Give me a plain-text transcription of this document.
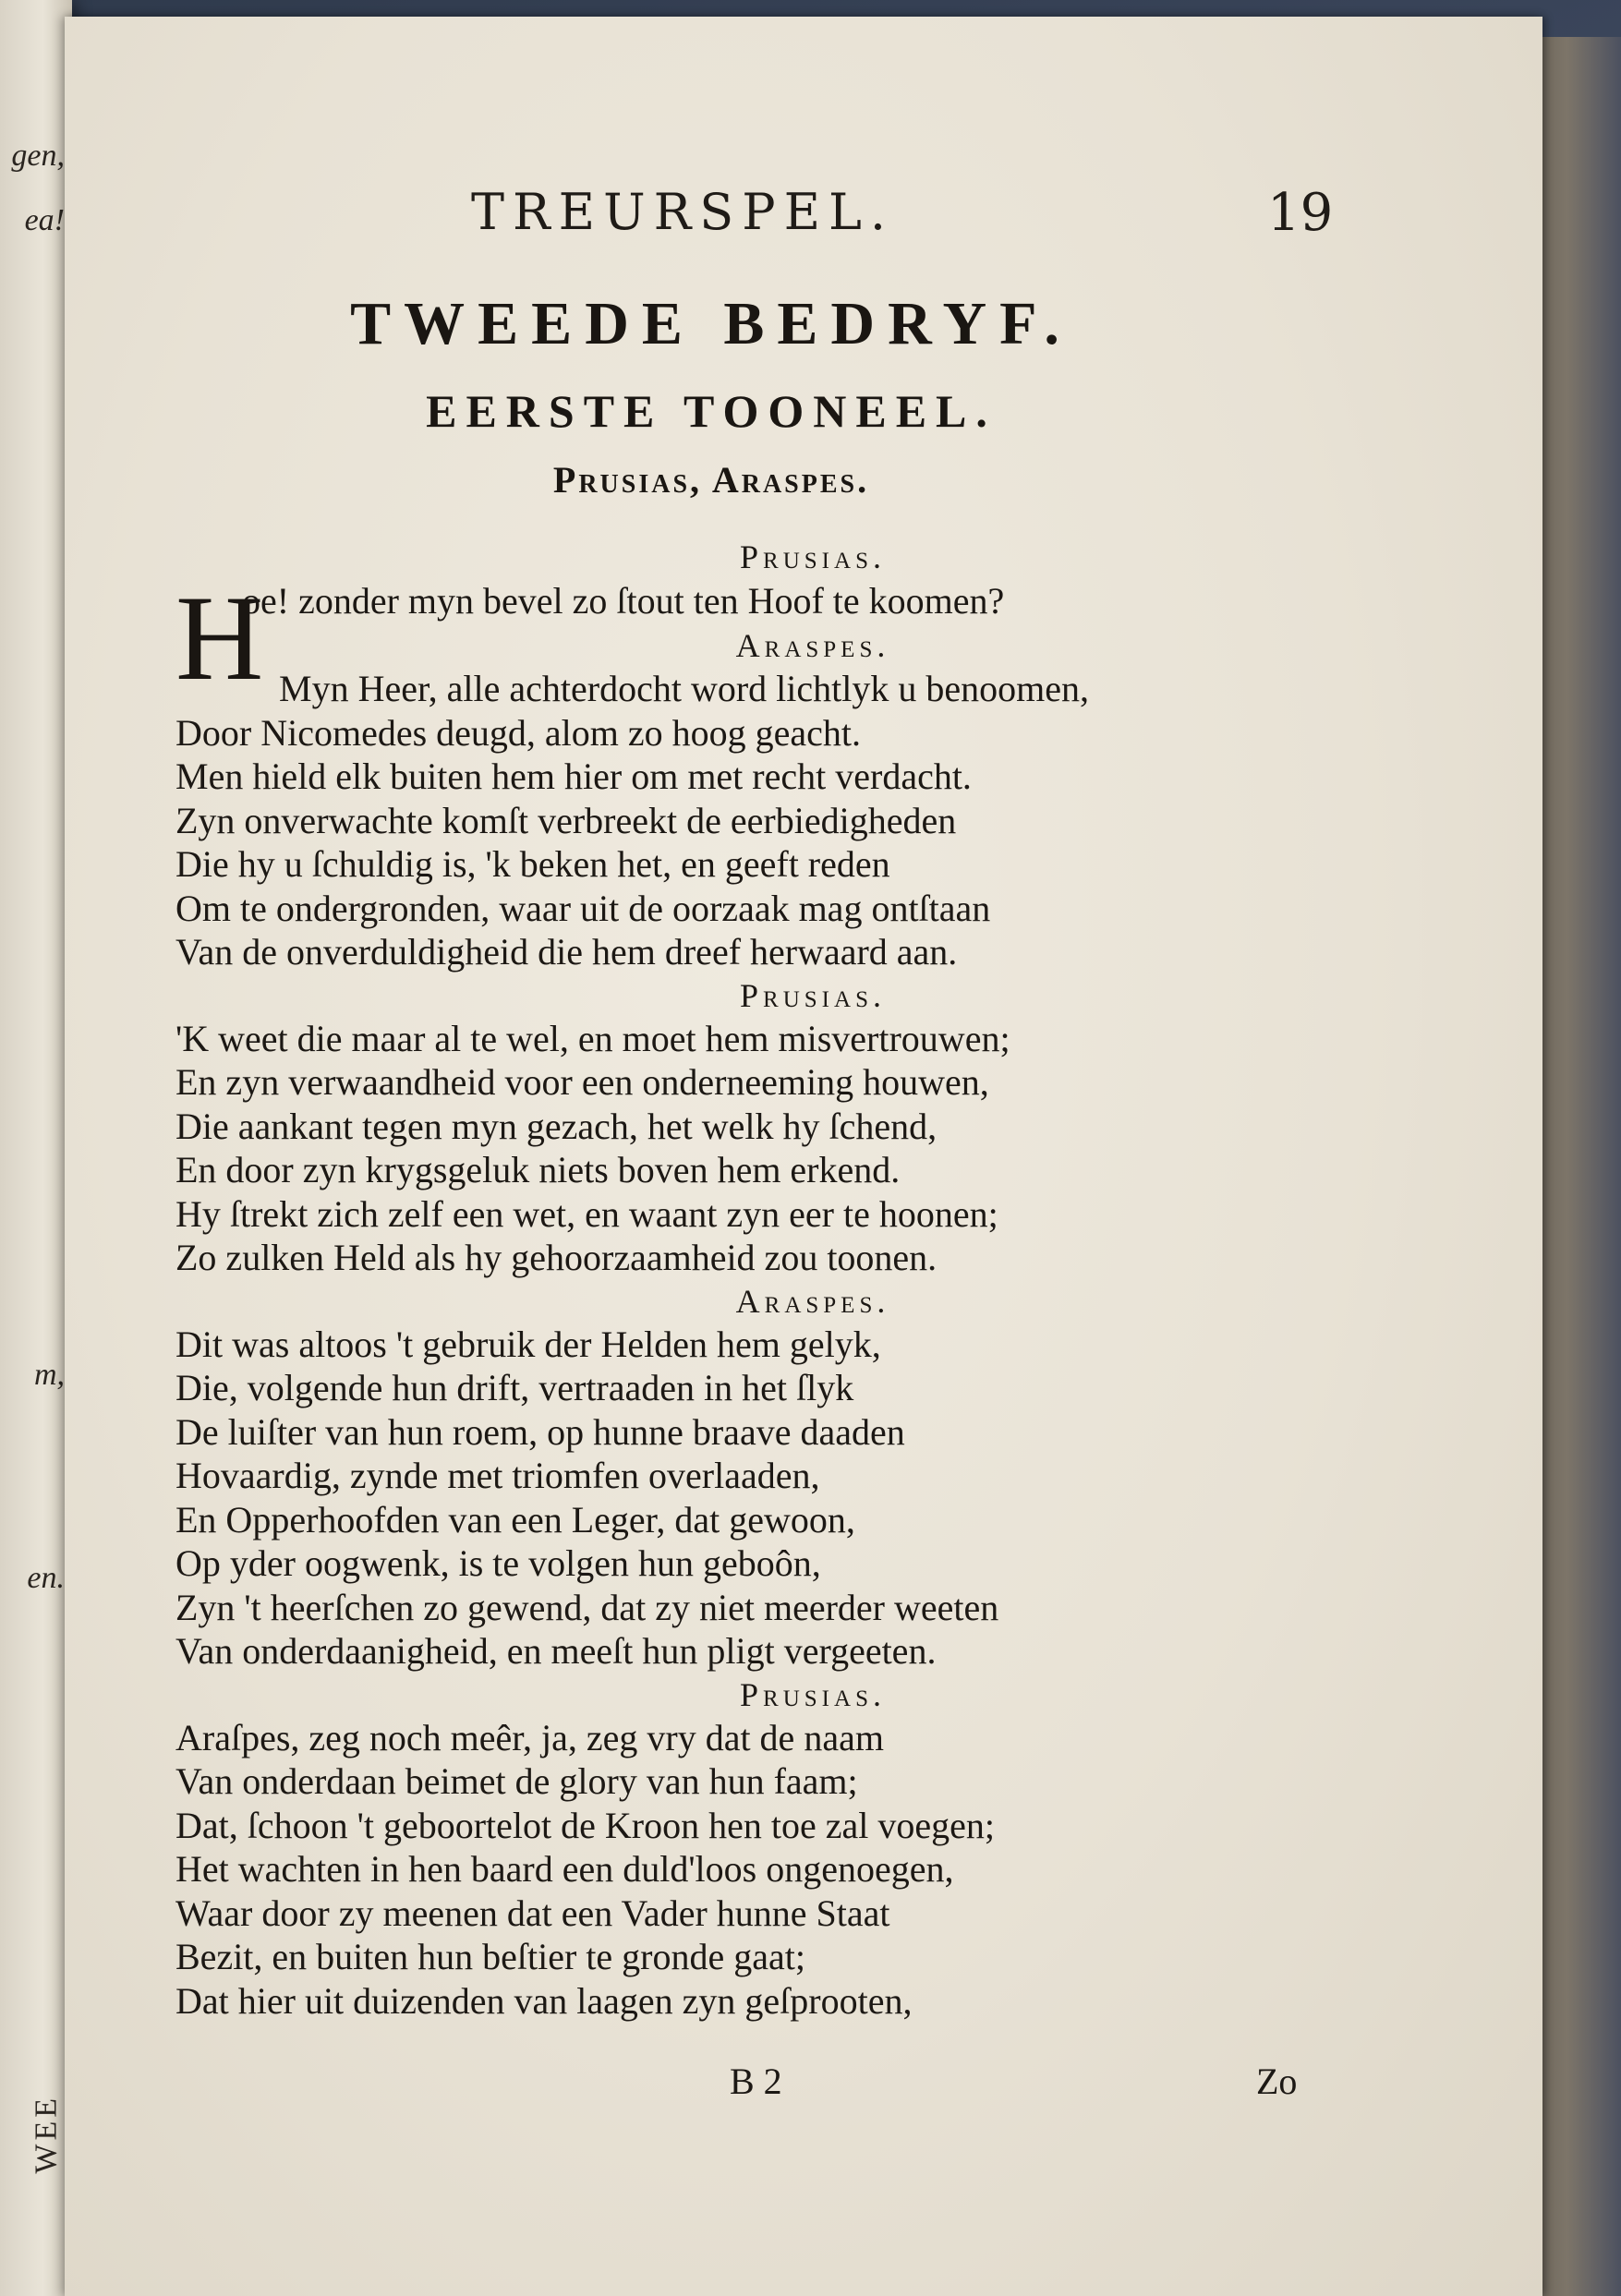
gen,
ea!
m,
en.
WEE
TREURSPEL.	19
TWEEDE BEDRYF.
EERSTE TOONEEL.
Prusias, Araspes.
Prusias.
H
oe! zonder myn bevel zo ſtout ten Hoof te koomen?
Araspes.
Myn Heer, alle achterdocht word lichtlyk u benoomen,
Door Nicomedes deugd, alom zo hoog geacht.
Men hield elk buiten hem hier om met recht verdacht.
Zyn onverwachte komſt verbreekt de eerbiedigheden
Die hy u ſchuldig is, 'k beken het, en geeft reden
Om te ondergronden, waar uit de oorzaak mag ontſtaan
Van de onverduldigheid die hem dreef herwaard aan.
Prusias.
'K weet die maar al te wel, en moet hem misvertrouwen;
En zyn verwaandheid voor een onderneeming houwen,
Die aankant tegen myn gezach, het welk hy ſchend,
En door zyn krygsgeluk niets boven hem erkend.
Hy ſtrekt zich zelf een wet, en waant zyn eer te hoonen;
Zo zulken Held als hy gehoorzaamheid zou toonen.
Araspes.
Dit was altoos 't gebruik der Helden hem gelyk,
Die, volgende hun drift, vertraaden in het ſlyk
De luiſter van hun roem, op hunne braave daaden
Hovaardig, zynde met triomfen overlaaden,
En Opperhoofden van een Leger, dat gewoon,
Op yder oogwenk, is te volgen hun geboôn,
Zyn 't heerſchen zo gewend, dat zy niet meerder weeten
Van onderdaanigheid, en meeſt hun pligt vergeeten.
Prusias.
Araſpes, zeg noch meêr, ja, zeg vry dat de naam
Van onderdaan beimet de glory van hun faam;
Dat, ſchoon 't geboortelot de Kroon hen toe zal voegen;
Het wachten in hen baard een duld'loos ongenoegen,
Waar door zy meenen dat een Vader hunne Staat
Bezit, en buiten hun beſtier te gronde gaat;
Dat hier uit duizenden van laagen zyn geſprooten,
B 2	Zo
